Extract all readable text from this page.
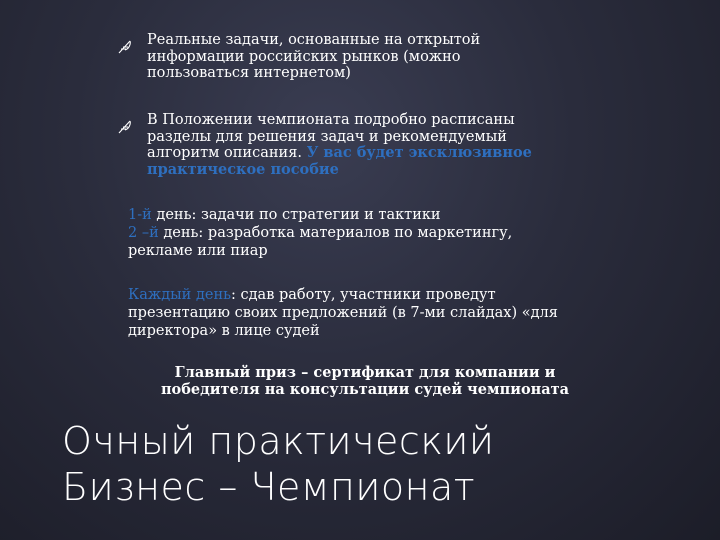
Реальные задачи, основанные на открытой информации российских рынков (можно пользоваться интернетом)
В Положении чемпионата подробно расписаны разделы для решения задач и рекомендуемый алгоритм описания. У вас будет эксклюзивное практическое пособие
1-й день: задачи по стратегии и тактики
2 –й день: разработка материалов по маркетингу, рекламе или пиар
Каждый день: сдав работу, участники проведут презентацию своих предложений (в 7-ми слайдах) «для директора» в лице судей
Главный приз – сертификат для компании и победителя на консультации судей чемпионата
Очный практический
Бизнес – Чемпионат
